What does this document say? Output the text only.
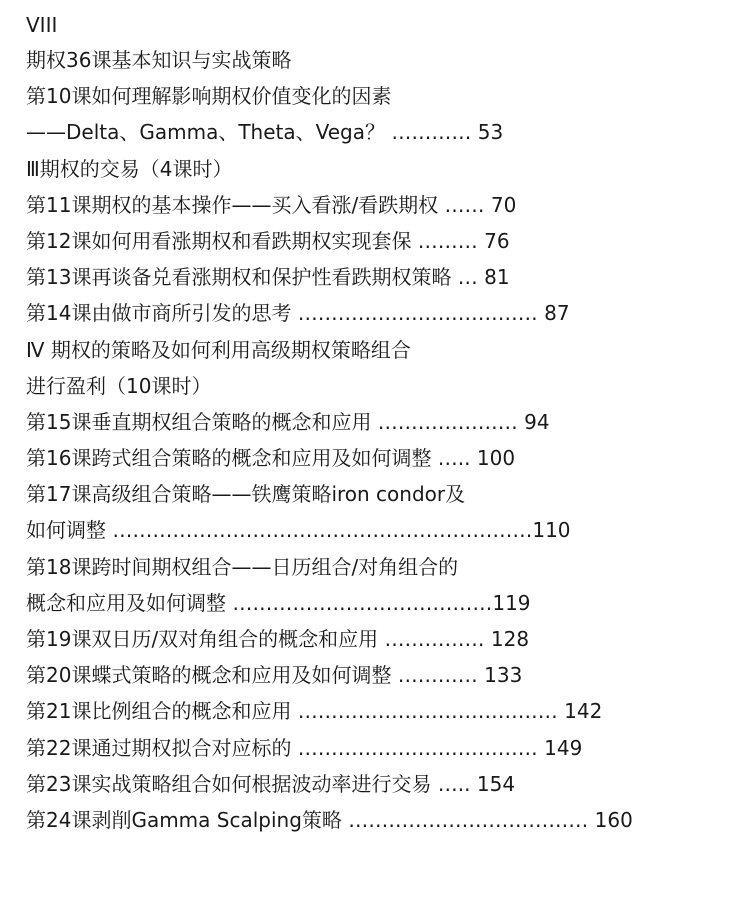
VIII
期权36课基本知识与实战策略
第10课如何理解影响期权价值变化的因素
——Delta、Gamma、Theta、Vega？ ………… 53
Ⅲ期权的交易（4课时）
第11课期权的基本操作——买入看涨/看跌期权 …… 70
第12课如何用看涨期权和看跌期权实现套保 ……… 76
第13课再谈备兑看涨期权和保护性看跌期权策略 … 81
第14课由做市商所引发的思考 ……………………………… 87
Ⅳ 期权的策略及如何利用高级期权策略组合
进行盈利（10课时）
第15课垂直期权组合策略的概念和应用 ………………… 94
第16课跨式组合策略的概念和应用及如何调整 ….. 100
第17课高级组合策略——铁鹰策略iron condor及
如何调整 ………………………………………………………110
第18课跨时间期权组合——日历组合/对角组合的
概念和应用及如何调整 …………………………………119
第19课双日历/双对角组合的概念和应用 …………… 128
第20课蝶式策略的概念和应用及如何调整 ………… 133
第21课比例组合的概念和应用 ………………………………… 142
第22课通过期权拟合对应标的 ……………………………… 149
第23课实战策略组合如何根据波动率进行交易 ….. 154
第24课剥削Gamma Scalping策略 ……………………………… 160
